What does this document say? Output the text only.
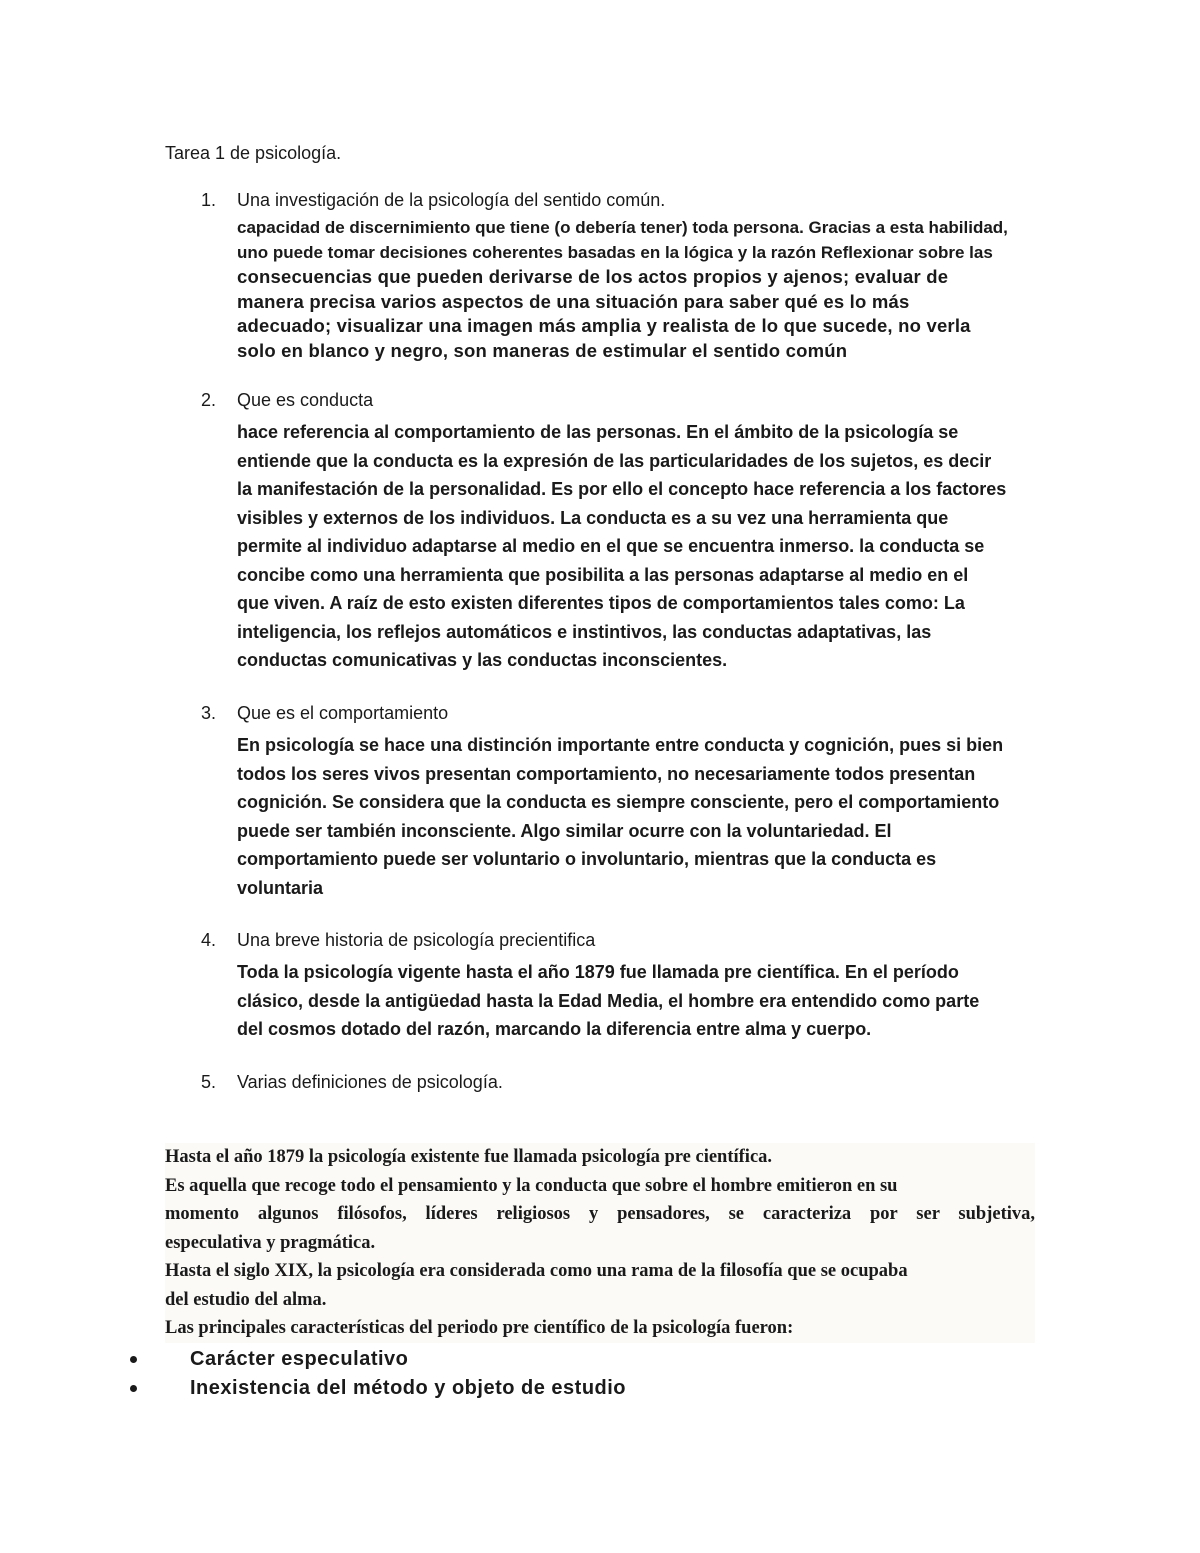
Tarea 1 de psicología.
1. Una investigación de la psicología del sentido común.

capacidad de discernimiento que tiene (o debería tener) toda persona. Gracias a esta habilidad,

uno puede tomar decisiones coherentes basadas en la lógica y la razón Reflexionar sobre las

consecuencias que pueden derivarse de los actos propios y ajenos; evaluar de

manera precisa varios aspectos de una situación para saber qué es lo más

adecuado; visualizar una imagen más amplia y realista de lo que sucede, no verla

solo en blanco y negro, son maneras de estimular el sentido común

2. Que es conducta

hace referencia al comportamiento de las personas. En el ámbito de la psicología se

entiende que la conducta es la expresión de las particularidades de los sujetos, es decir

la manifestación de la personalidad. Es por ello el concepto hace referencia a los factores

visibles y externos de los individuos. La conducta es a su vez una herramienta que

permite al individuo adaptarse al medio en el que se encuentra inmerso. la conducta se

concibe como una herramienta que posibilita a las personas adaptarse al medio en el

que viven. A raíz de esto existen diferentes tipos de comportamientos tales como: La

inteligencia, los reflejos automáticos e instintivos, las conductas adaptativas, las

conductas comunicativas y las conductas inconscientes.

3. Que es el comportamiento

En psicología se hace una distinción importante entre conducta y cognición, pues si bien

todos los seres vivos presentan comportamiento, no necesariamente todos presentan

cognición. Se considera que la conducta es siempre consciente, pero el comportamiento

puede ser también inconsciente. Algo similar ocurre con la voluntariedad. El

comportamiento puede ser voluntario o involuntario, mientras que la conducta es

voluntaria

4. Una breve historia de psicología precientifica

Toda la psicología vigente hasta el año 1879 fue llamada pre científica. En el período

clásico, desde la antigüedad hasta la Edad Media, el hombre era entendido como parte

del cosmos dotado del razón, marcando la diferencia entre alma y cuerpo.

5. Varias definiciones de psicología.

Hasta el año 1879 la psicología existente fue llamada psicología pre científica.

Es aquella que recoge todo el pensamiento y la conducta que sobre el hombre emitieron en su

momento algunos filósofos, líderes religiosos y pensadores, se caracteriza por ser subjetiva,

especulativa y pragmática.

Hasta el siglo XIX, la psicología era considerada como una rama de la filosofía que se ocupaba

del estudio del alma.

Las principales características del periodo pre científico de la psicología fueron:

Carácter especulativo
Inexistencia del método y objeto de estudio
